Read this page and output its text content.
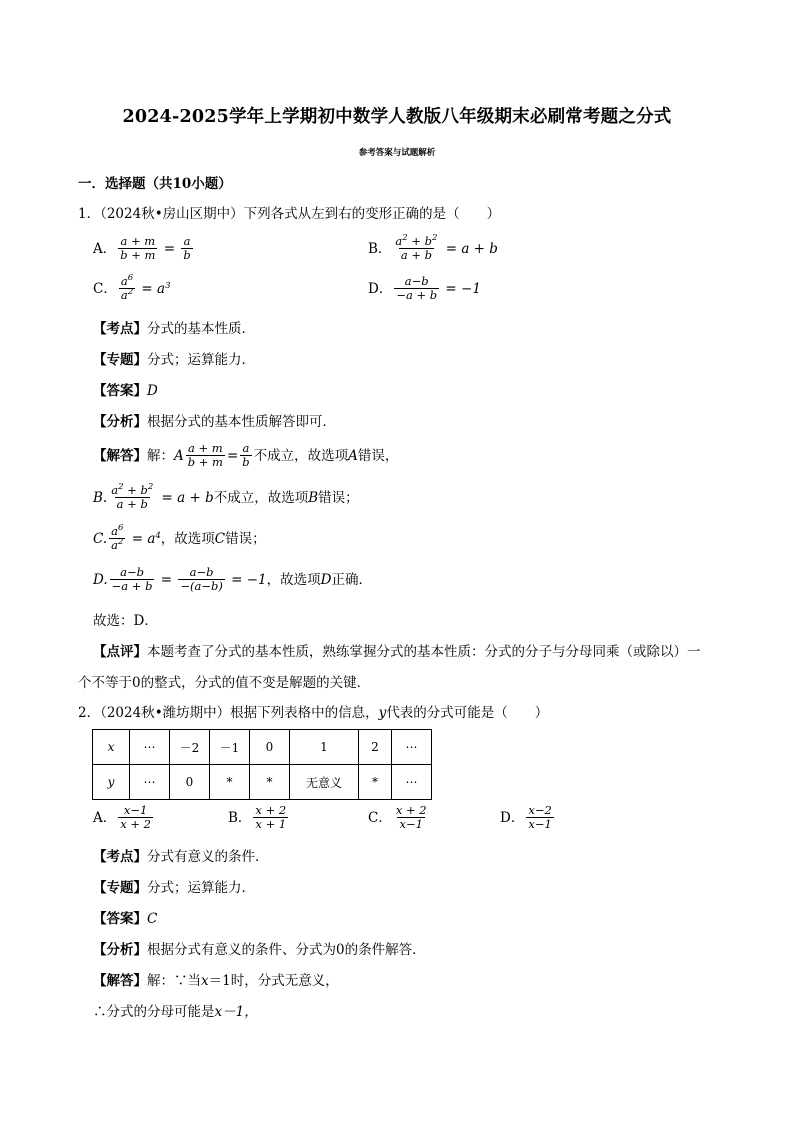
2024-2025学年上学期初中数学人教版八年级期末必刷常考题之分式
参考答案与试题解析
一．选择题（共10小题）
1．（2024秋•房山区期中）下列各式从左到右的变形正确的是（　　）
A． $\frac{a + m}{b + m} = \frac{a}{b}$	B． $\frac{a^2 + b^2}{a + b} = a + b$
C． $\frac{a^6}{a^2} = a^3$	D． $\frac{a-b}{-a + b} = -1$
【考点】分式的基本性质．
【专题】分式；运算能力．
【答案】D
【分析】根据分式的基本性质解答即可．
【解答】 解： A $\frac{a + m}{b + m} = \frac{a}{b}$ 不成立，故选项 A 错误，
B. $\frac{a^2 + b^2}{a + b} = a + b$ 不成立，故选项 B 错误；
C. $\frac{a^6}{a^2} = a^4$ ，故选项 C 错误；
D. $\frac{a-b}{-a + b} = \frac{a-b}{-(a-b)} = -1$ ，故选项 D 正确．
故选：D．
【点评】本题考查了分式的基本性质，熟练掌握分式的基本性质：分式的分子与分母同乘（或除以）一
个不等于0的整式，分式的值不变是解题的关键．
2．（2024秋•潍坊期中）根据下列表格中的信息，y代表的分式可能是（　　）
x	⋯	－2	－1	0	1	2	⋯
y	⋯	0	*	*	无意义	*	⋯
A． $\frac{x-1}{x + 2}$	B． $\frac{x + 2}{x + 1}$	C． $\frac{x + 2}{x-1}$	D． $\frac{x-2}{x-1}$
【考点】分式有意义的条件．
【专题】分式；运算能力．
【答案】C
【分析】根据分式有意义的条件、分式为0的条件解答．
【解答】解：∵当x＝1时，分式无意义，
∴分式的分母可能是x－1，
